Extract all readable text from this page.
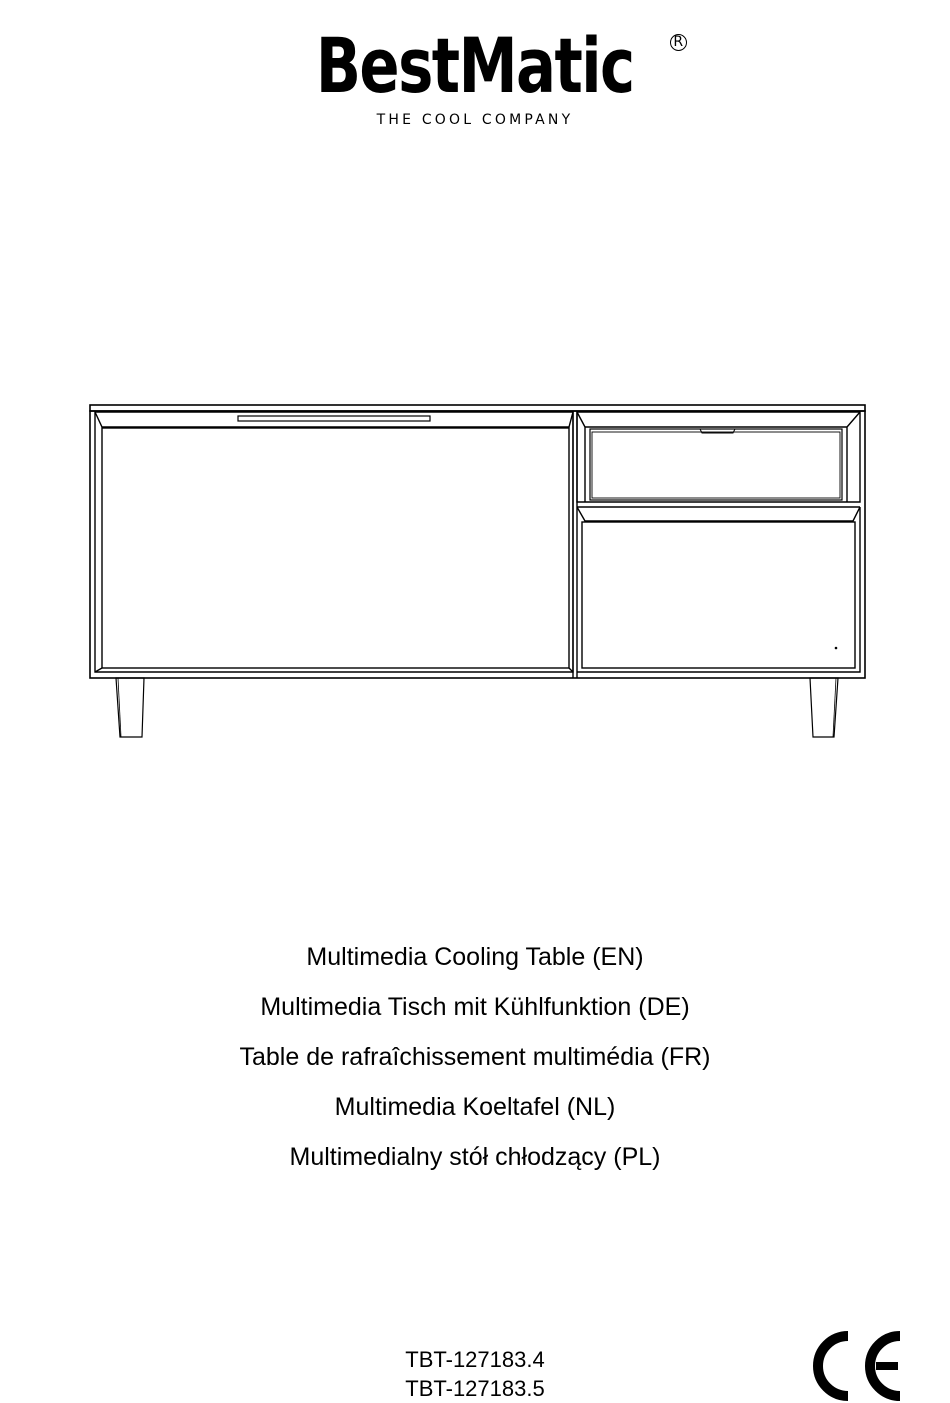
BestMatic	R
THE COOL COMPANY
Multimedia Cooling Table (EN)
Multimedia Tisch mit Kühlfunktion (DE)
Table de rafraîchissement multimédia (FR)
Multimedia Koeltafel (NL)
Multimedialny stół chłodzący (PL)
TBT-127183.4
TBT-127183.5
